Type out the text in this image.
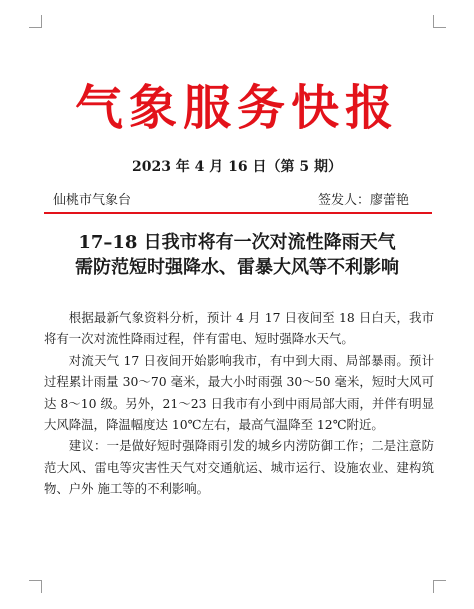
气象服务快报
2023 年 4 月 16 日（第 5 期）
仙桃市气象台	签发人：廖蕾艳
17–18 日我市将有一次对流性降雨天气
需防范短时强降水、雷暴大风等不利影响

根据最新气象资料分析，预计 4 月 17 日夜间至 18 日白天，我市将有一次对流性降雨过程，伴有雷电、短时强降水天气。

对流天气 17 日夜间开始影响我市，有中到大雨、局部暴雨。预计过程累计雨量 30～70 毫米，最大小时雨强 30～50 毫米，短时大风可达 8～10 级。另外，21～23 日我市有小到中雨局部大雨，并伴有明显大风降温，降温幅度达 10℃左右，最高气温降至 12℃附近。

建议：一是做好短时强降雨引发的城乡内涝防御工作；二是注意防范大风、雷电等灾害性天气对交通航运、城市运行、设施农业、建构筑物、户外 施工等的不利影响。
